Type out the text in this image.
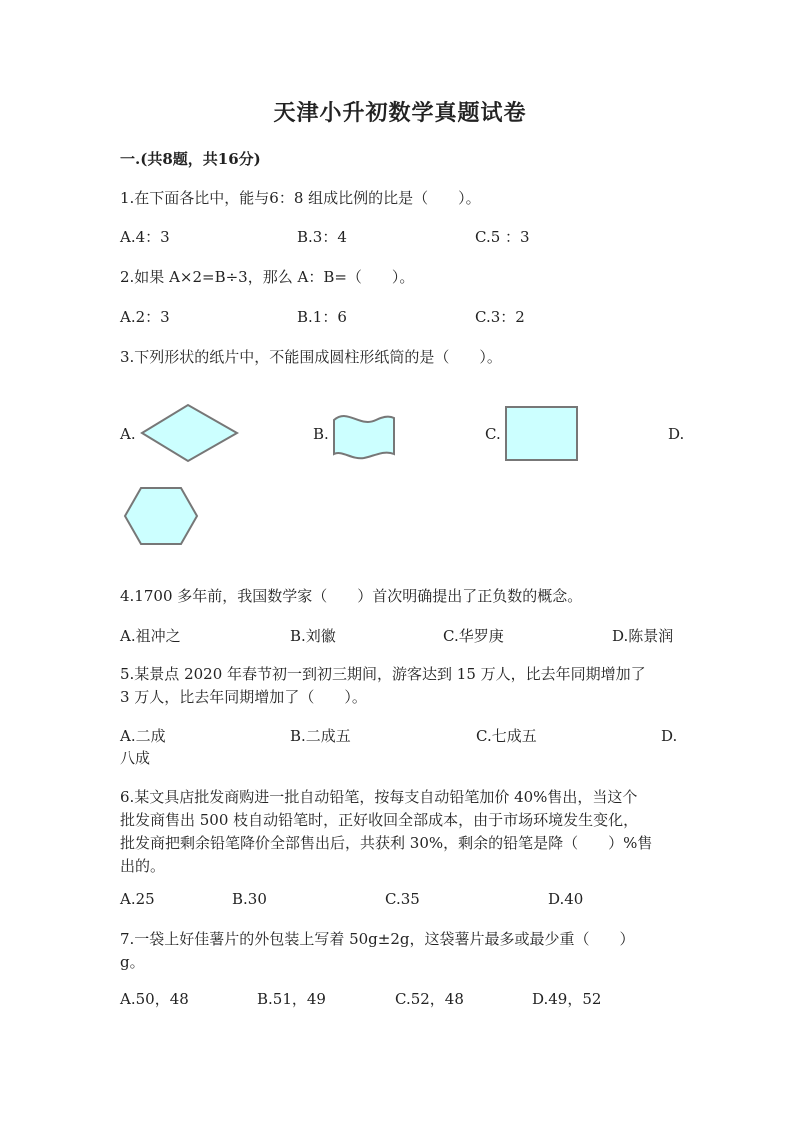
天津小升初数学真题试卷
一.(共8题，共16分)
1.在下面各比中，能与6：8 组成比例的比是（　　）。
A.4：3	B.3：4	C.5 ：3
2.如果 A×2=B÷3，那么 A：B=（　　）。
A.2：3	B.1：6	C.3：2
3.下列形状的纸片中，不能围成圆柱形纸筒的是（　　）。
A.	B.	C.	D.
4.1700 多年前，我国数学家（　　）首次明确提出了正负数的概念。
A.祖冲之	B.刘徽	C.华罗庚	D.陈景润
5.某景点 2020 年春节初一到初三期间，游客达到 15 万人，比去年同期增加了
3 万人，比去年同期增加了（　　）。
A.二成	B.二成五	C.七成五	D.
八成
6.某文具店批发商购进一批自动铅笔，按每支自动铅笔加价 40%售出，当这个
批发商售出 500 枝自动铅笔时，正好收回全部成本，由于市场环境发生变化，
批发商把剩余铅笔降价全部售出后，共获利 30%，剩余的铅笔是降（　　）%售
出的。
A.25	B.30	C.35	D.40
7.一袋上好佳薯片的外包装上写着 50g±2g，这袋薯片最多或最少重（　　）
g。
A.50，48	B.51，49	C.52，48	D.49，52
